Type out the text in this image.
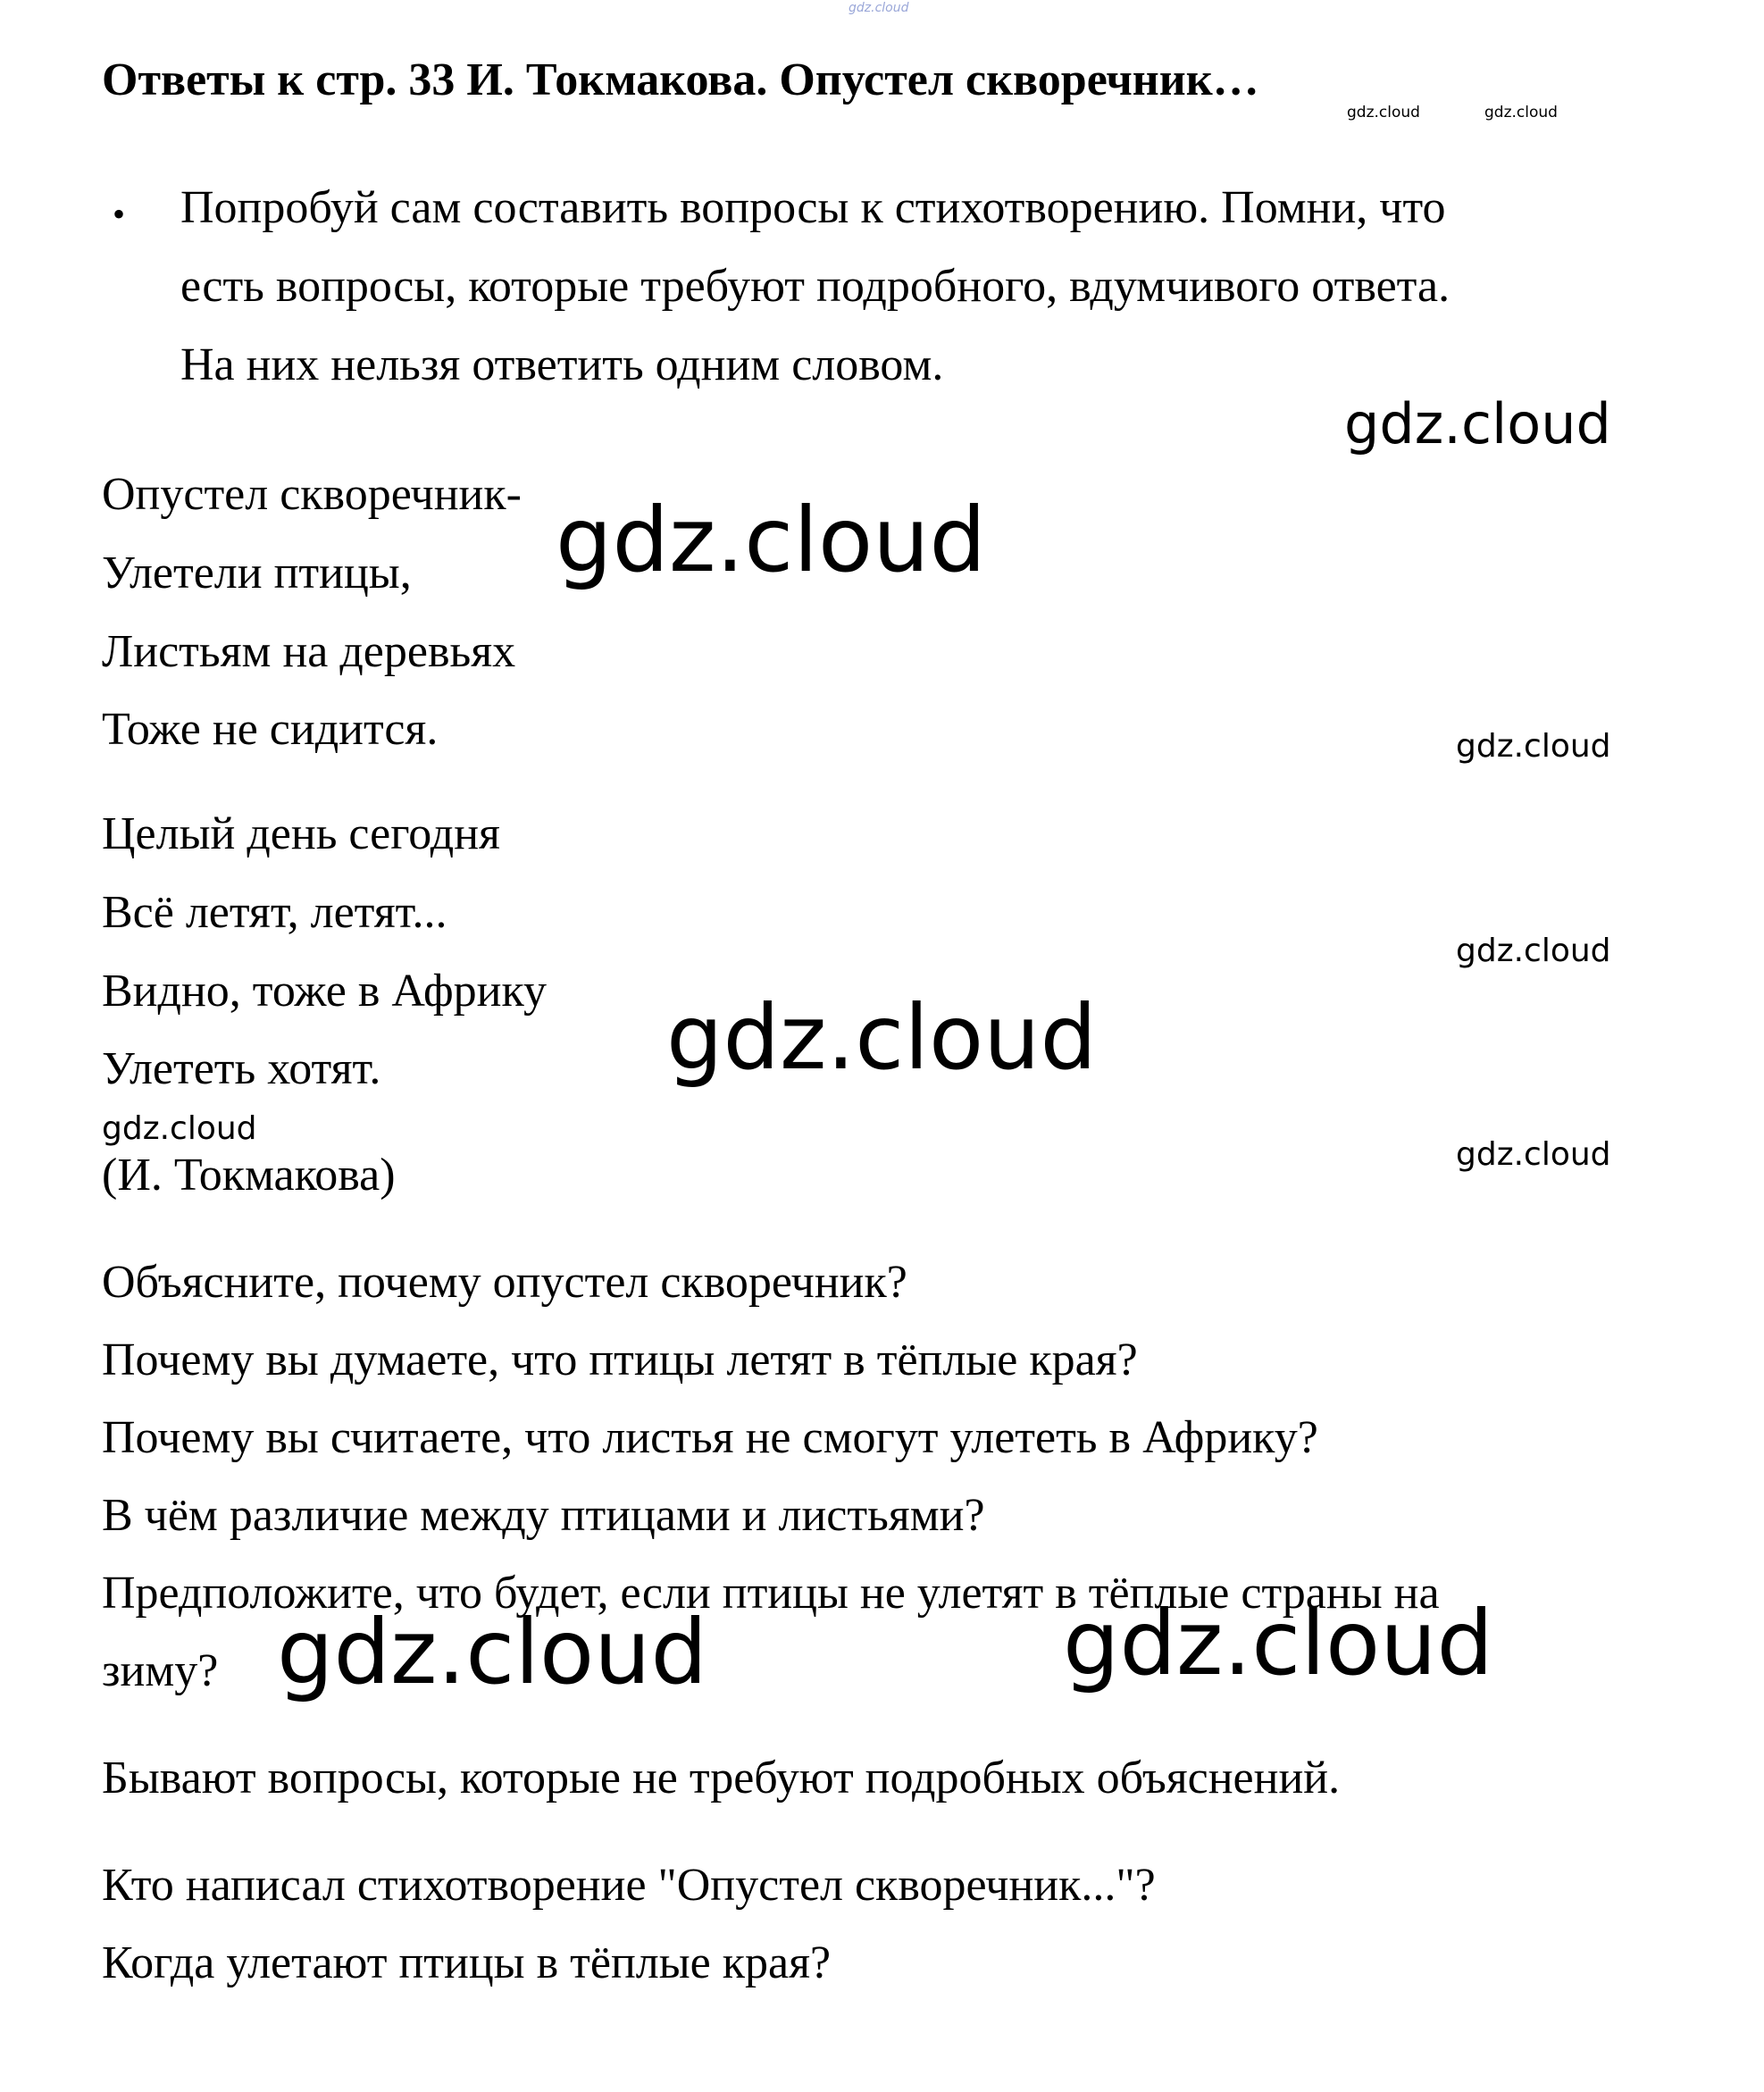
gdz.cloud
Ответы к стр. 33 И. Токмакова. Опустел скворечник…
gdz.cloud	gdz.cloud
• Попробуй сам составить вопросы к стихотворению. Помни, что
есть вопросы, которые требуют подробного, вдумчивого ответа.
На них нельзя ответить одним словом.
gdz.cloud
Опустел скворечник-
Улетели птицы,
Листьям на деревьях
Тоже не сидится.
gdz.cloud
gdz.cloud
Целый день сегодня
Всё летят, летят...
Видно, тоже в Африку
Улететь хотят.
gdz.cloud
gdz.cloud
gdz.cloud
(И. Токмакова)	gdz.cloud
Объясните, почему опустел скворечник?
Почему вы думаете, что птицы летят в тёплые края?
Почему вы считаете, что листья не смогут улететь в Африку?
В чём различие между птицами и листьями?
Предположите, что будет, если птицы не улетят в тёплые страны на
зиму? gdz.cloud	gdz.cloud
Бывают вопросы, которые не требуют подробных объяснений.
Кто написал стихотворение "Опустел скворечник..."?
Когда улетают птицы в тёплые края?
